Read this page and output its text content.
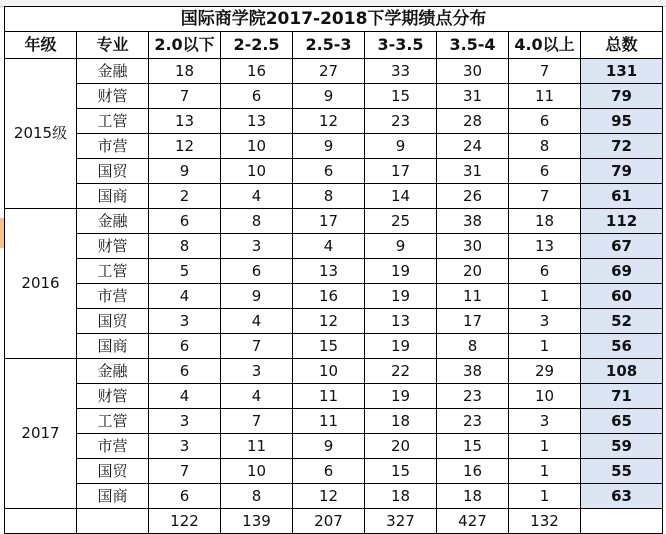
国际商学院2017-2018下学期绩点分布								
年级	专业	2.0以下	2-2.5	2.5-3	3-3.5	3.5-4	4.0以上	总数
2015级	金融	18	16	27	33	30	7	131
	财管	7	6	9	15	31	11	79
	工管	13	13	12	23	28	6	95
	市营	12	10	9	9	24	8	72
	国贸	9	10	6	17	31	6	79
	国商	2	4	8	14	26	7	61
2016	金融	6	8	17	25	38	18	112
	财管	8	3	4	9	30	13	67
	工管	5	6	13	19	20	6	69
	市营	4	9	16	19	11	1	60
	国贸	3	4	12	13	17	3	52
	国商	6	7	15	19	8	1	56
2017	金融	6	3	10	22	38	29	108
	财管	4	4	11	19	23	10	71
	工管	3	7	11	18	23	3	65
	市营	3	11	9	20	15	1	59
	国贸	7	10	6	15	16	1	55
	国商	6	8	12	18	18	1	63
		122	139	207	327	427	132	
